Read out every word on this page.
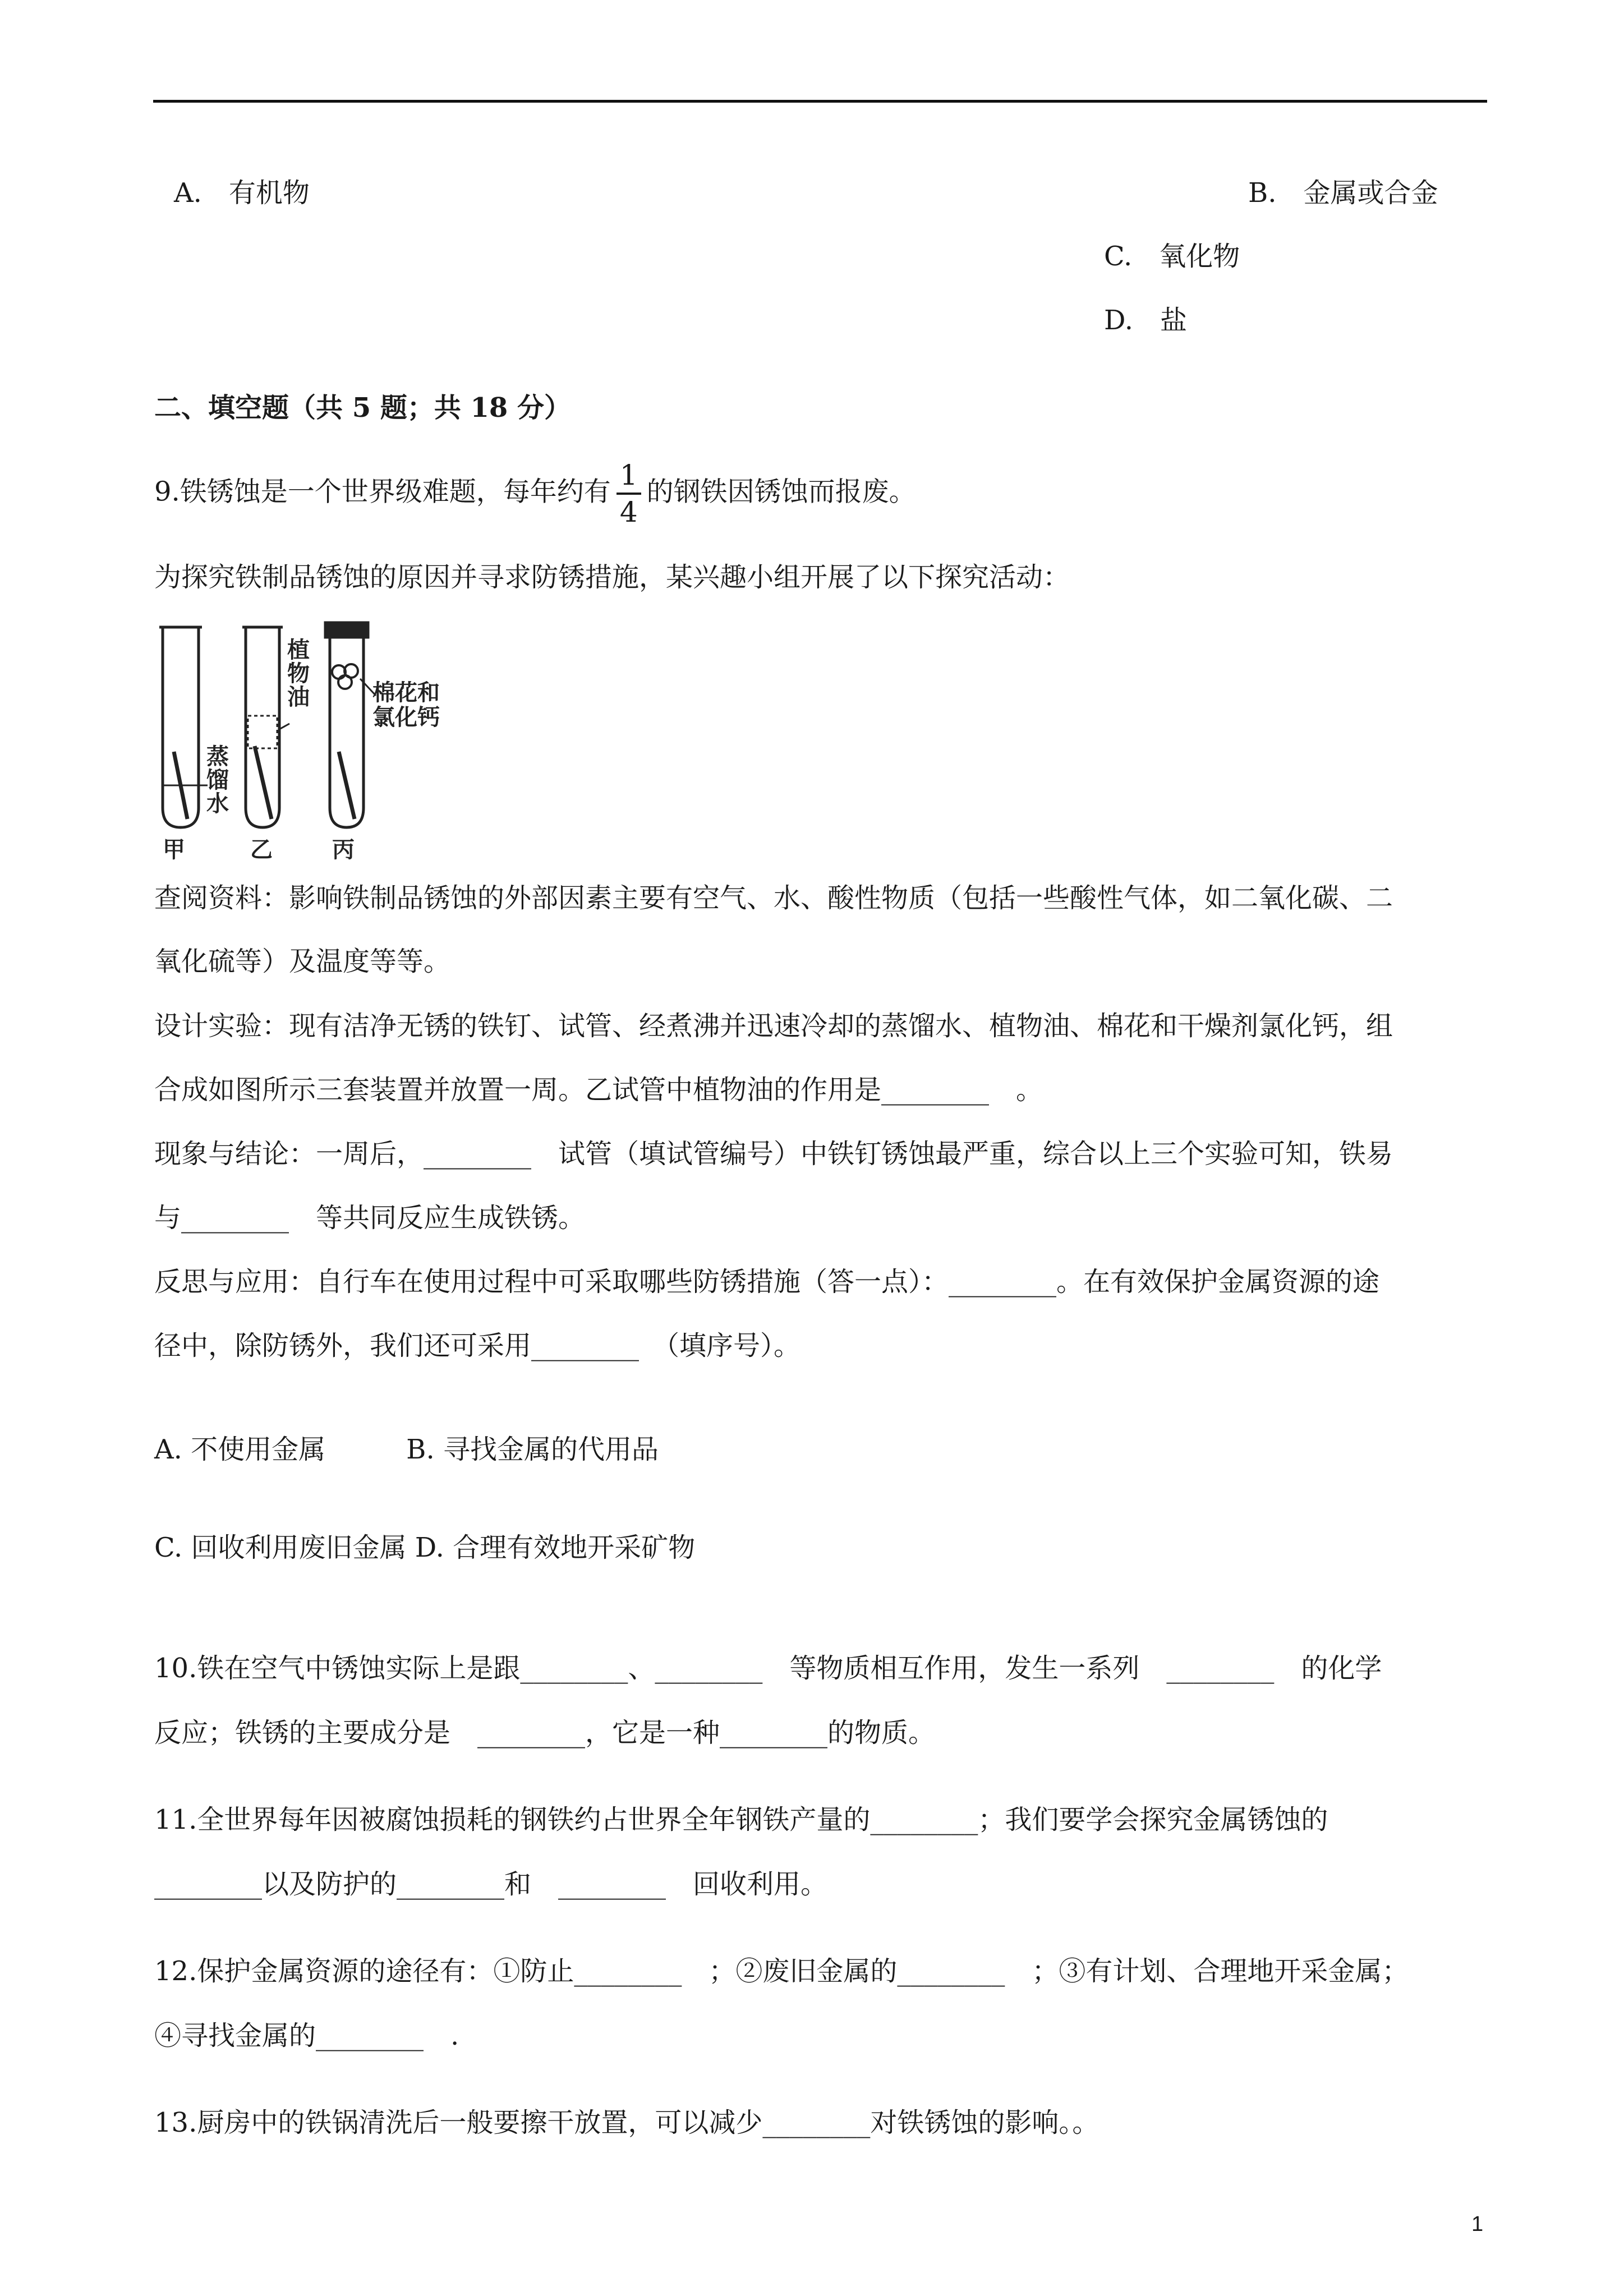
A.　有机物	B.　金属或合金
C.　氧化物
D.　盐
二、填空题（共 5 题；共 18 分）
9.铁锈蚀是一个世界级难题，每年约有 $\frac{1}{4}$ 的钢铁因锈蚀而报废。
为探究铁制品锈蚀的原因并寻求防锈措施，某兴趣小组开展了以下探究活动：
蒸
馏
水
植
物
油	棉花和
氯化钙
甲	乙	丙
查阅资料：影响铁制品锈蚀的外部因素主要有空气、水、酸性物质（包括一些酸性气体，如二氧化碳、二
氧化硫等）及温度等等。
设计实验：现有洁净无锈的铁钉、试管、经煮沸并迅速冷却的蒸馏水、植物油、棉花和干燥剂氯化钙，组
合成如图所示三套装置并放置一周。乙试管中植物油的作用是________　。
现象与结论：一周后，________　试管（填试管编号）中铁钉锈蚀最严重，综合以上三个实验可知，铁易
与________　等共同反应生成铁锈。
反思与应用：自行车在使用过程中可采取哪些防锈措施（答一点）：________。在有效保护金属资源的途
径中，除防锈外，我们还可采用________　（填序号）。
A. 不使用金属　　　B. 寻找金属的代用品
C. 回收利用废旧金属 D. 合理有效地开采矿物
10.铁在空气中锈蚀实际上是跟________、________　等物质相互作用，发生一系列　________　的化学
反应；铁锈的主要成分是　________，它是一种________的物质。
11.全世界每年因被腐蚀损耗的钢铁约占世界全年钢铁产量的________；我们要学会探究金属锈蚀的
________以及防护的________和　________　回收利用。
12.保护金属资源的途径有：①防止________　；②废旧金属的________　；③有计划、合理地开采金属；
④寻找金属的________　.
13.厨房中的铁锅清洗后一般要擦干放置，可以减少________对铁锈蚀的影响。。
1
